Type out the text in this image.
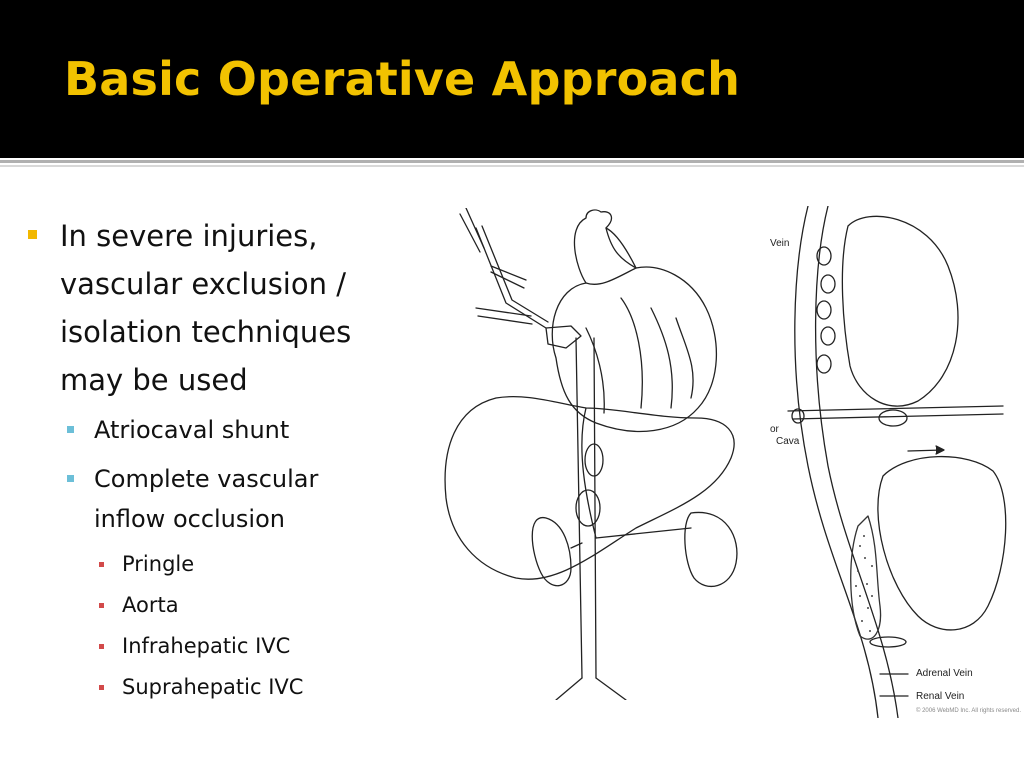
Basic Operative Approach
In severe injuries,
vascular exclusion /
isolation techniques
may be used
Atriocaval shunt
Complete vascular
inflow occlusion
Pringle
Aorta
Infrahepatic IVC
Suprahepatic IVC
Vein
or
Cava
Adrenal Vein
Renal Vein
© 2006 WebMD Inc. All rights reserved.
